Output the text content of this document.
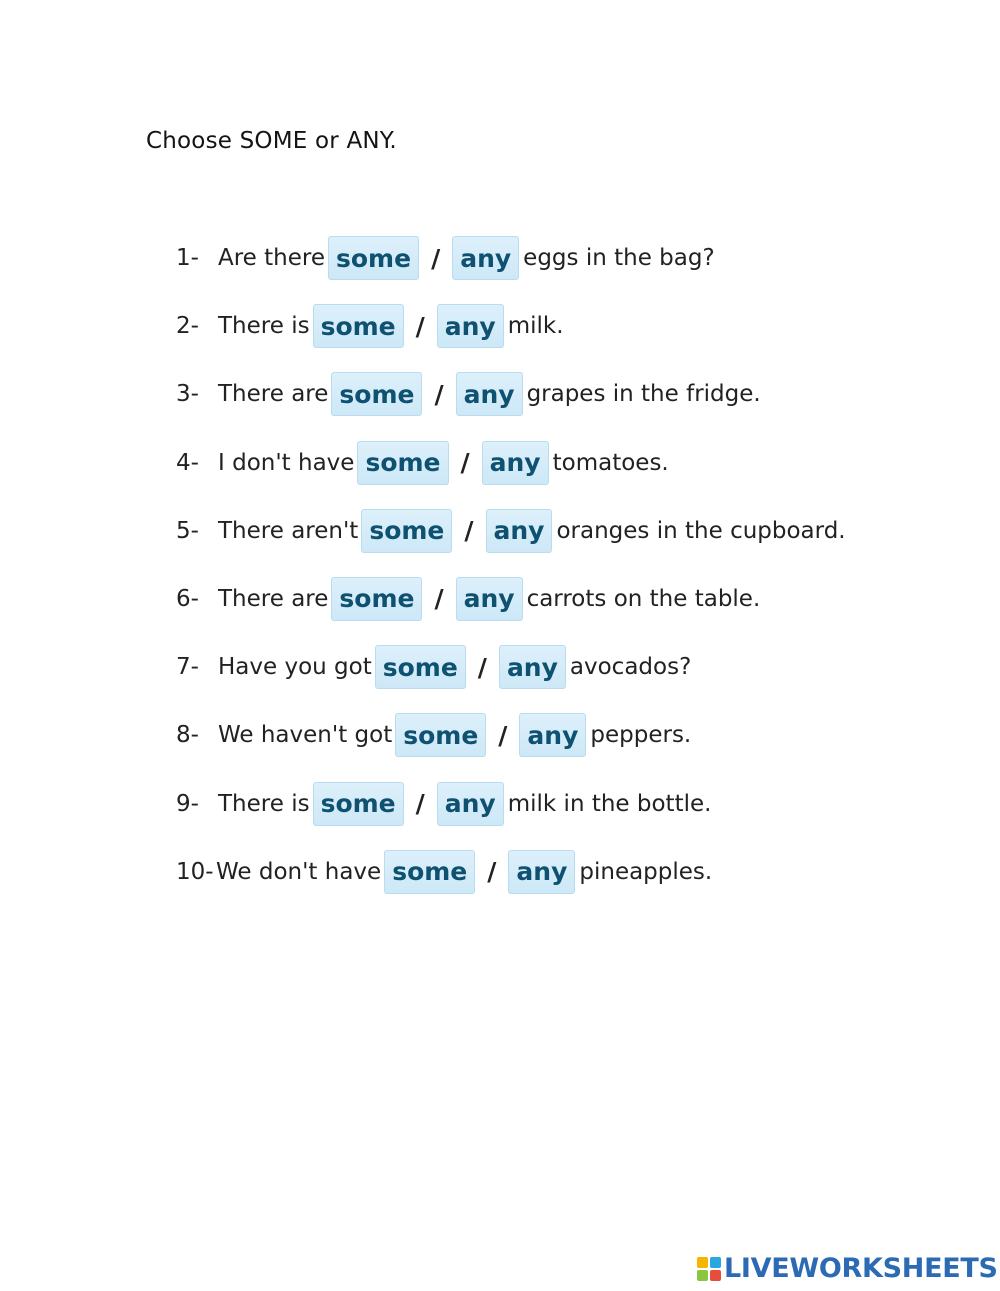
Choose SOME or ANY.
1- Are there some / any eggs in the bag?
2- There is some / any milk.
3- There are some / any grapes in the fridge.
4- I don't have some / any tomatoes.
5- There aren't some / any oranges in the cupboard.
6- There are some / any carrots on the table.
7- Have you got some / any avocados?
8- We haven't got some / any peppers.
9- There is some / any milk in the bottle.
10- We don't have some / any pineapples.
LIVEWORKSHEETS
